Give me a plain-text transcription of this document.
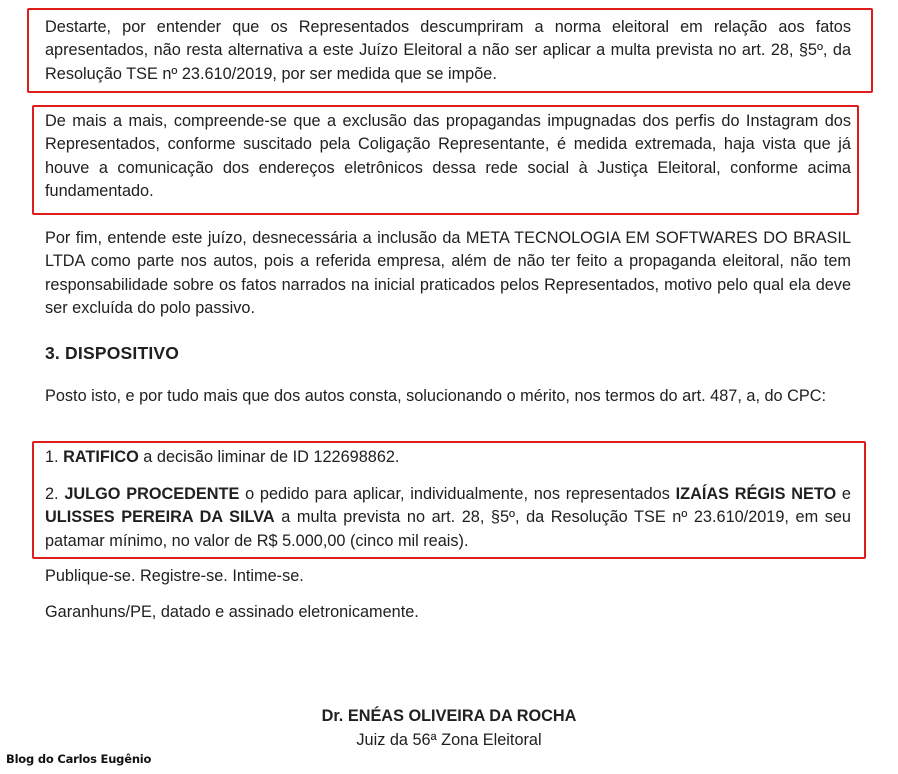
Destarte, por entender que os Representados descumpriram a norma eleitoral em relação aos fatos apresentados, não resta alternativa a este Juízo Eleitoral a não ser aplicar a multa prevista no art. 28, §5º, da Resolução TSE nº 23.610/2019, por ser medida que se impõe.

De mais a mais, compreende-se que a exclusão das propagandas impugnadas dos perfis do Instagram dos Representados, conforme suscitado pela Coligação Representante, é medida extremada, haja vista que já houve a comunicação dos endereços eletrônicos dessa rede social à Justiça Eleitoral, conforme acima fundamentado.

Por fim, entende este juízo, desnecessária a inclusão da META TECNOLOGIA EM SOFTWARES DO BRASIL LTDA como parte nos autos, pois a referida empresa, além de não ter feito a propaganda eleitoral, não tem responsabilidade sobre os fatos narrados na inicial praticados pelos Representados, motivo pelo qual ela deve ser excluída do polo passivo.

3. DISPOSITIVO

Posto isto, e por tudo mais que dos autos consta, solucionando o mérito, nos termos do art. 487, a, do CPC:

1. RATIFICO a decisão liminar de ID 122698862.

2. JULGO PROCEDENTE o pedido para aplicar, individualmente, nos representados IZAÍAS RÉGIS NETO e ULISSES PEREIRA DA SILVA a multa prevista no art. 28, §5º, da Resolução TSE nº 23.610/2019, em seu patamar mínimo, no valor de R$ 5.000,00 (cinco mil reais).

Publique-se. Registre-se. Intime-se.
Garanhuns/PE, datado e assinado eletronicamente.
Dr. ENÉAS OLIVEIRA DA ROCHA
Juiz da 56ª Zona Eleitoral
Blog do Carlos Eugênio
